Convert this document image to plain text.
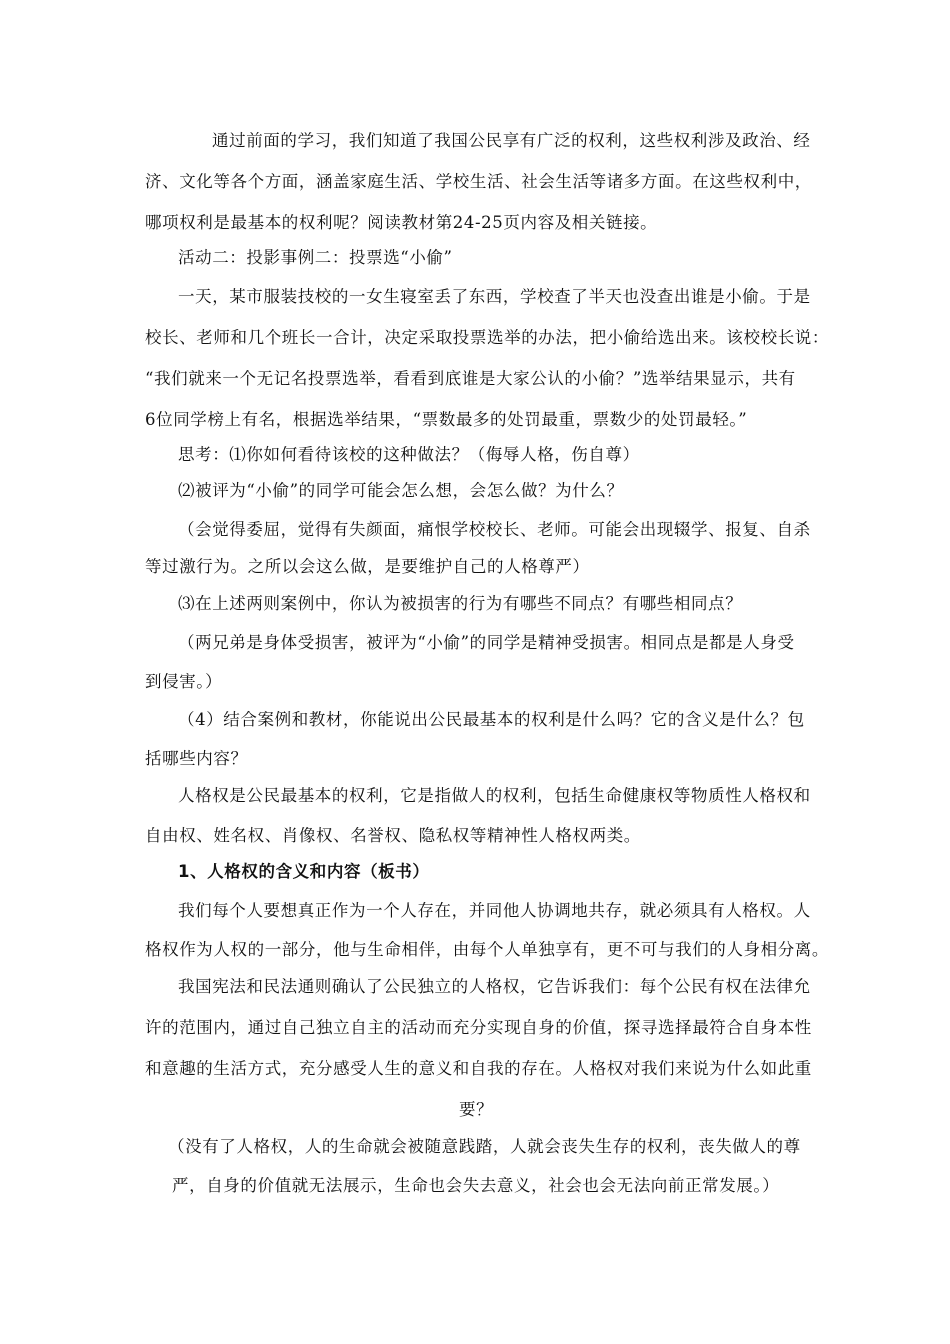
通过前面的学习，我们知道了我国公民享有广泛的权利，这些权利涉及政治、经
济、文化等各个方面，涵盖家庭生活、学校生活、社会生活等诸多方面。在这些权利中，
哪项权利是最基本的权利呢？阅读教材第24-25页内容及相关链接。
活动二：投影事例二：投票选“小偷”
一天，某市服装技校的一女生寝室丢了东西，学校查了半天也没查出谁是小偷。于是
校长、老师和几个班长一合计，决定采取投票选举的办法，把小偷给选出来。该校校长说：
“我们就来一个无记名投票选举，看看到底谁是大家公认的小偷？”选举结果显示，共有
6位同学榜上有名，根据选举结果，“票数最多的处罚最重，票数少的处罚最轻。”
思考：⑴你如何看待该校的这种做法？（侮辱人格，伤自尊）
⑵被评为“小偷”的同学可能会怎么想，会怎么做？为什么？
（会觉得委屈，觉得有失颜面，痛恨学校校长、老师。可能会出现辍学、报复、自杀
等过激行为。之所以会这么做，是要维护自己的人格尊严）
⑶在上述两则案例中，你认为被损害的行为有哪些不同点？有哪些相同点？
（两兄弟是身体受损害，被评为“小偷”的同学是精神受损害。相同点是都是人身受
到侵害。）
（4）结合案例和教材，你能说出公民最基本的权利是什么吗？它的含义是什么？包
括哪些内容？
人格权是公民最基本的权利，它是指做人的权利，包括生命健康权等物质性人格权和
自由权、姓名权、肖像权、名誉权、隐私权等精神性人格权两类。
1、人格权的含义和内容（板书）
我们每个人要想真正作为一个人存在，并同他人协调地共存，就必须具有人格权。人
格权作为人权的一部分，他与生命相伴，由每个人单独享有，更不可与我们的人身相分离。
我国宪法和民法通则确认了公民独立的人格权，它告诉我们：每个公民有权在法律允
许的范围内，通过自己独立自主的活动而充分实现自身的价值，探寻选择最符合自身本性
和意趣的生活方式，充分感受人生的意义和自我的存在。人格权对我们来说为什么如此重
要？
（没有了人格权，人的生命就会被随意践踏，人就会丧失生存的权利，丧失做人的尊
严，自身的价值就无法展示，生命也会失去意义，社会也会无法向前正常发展。）
